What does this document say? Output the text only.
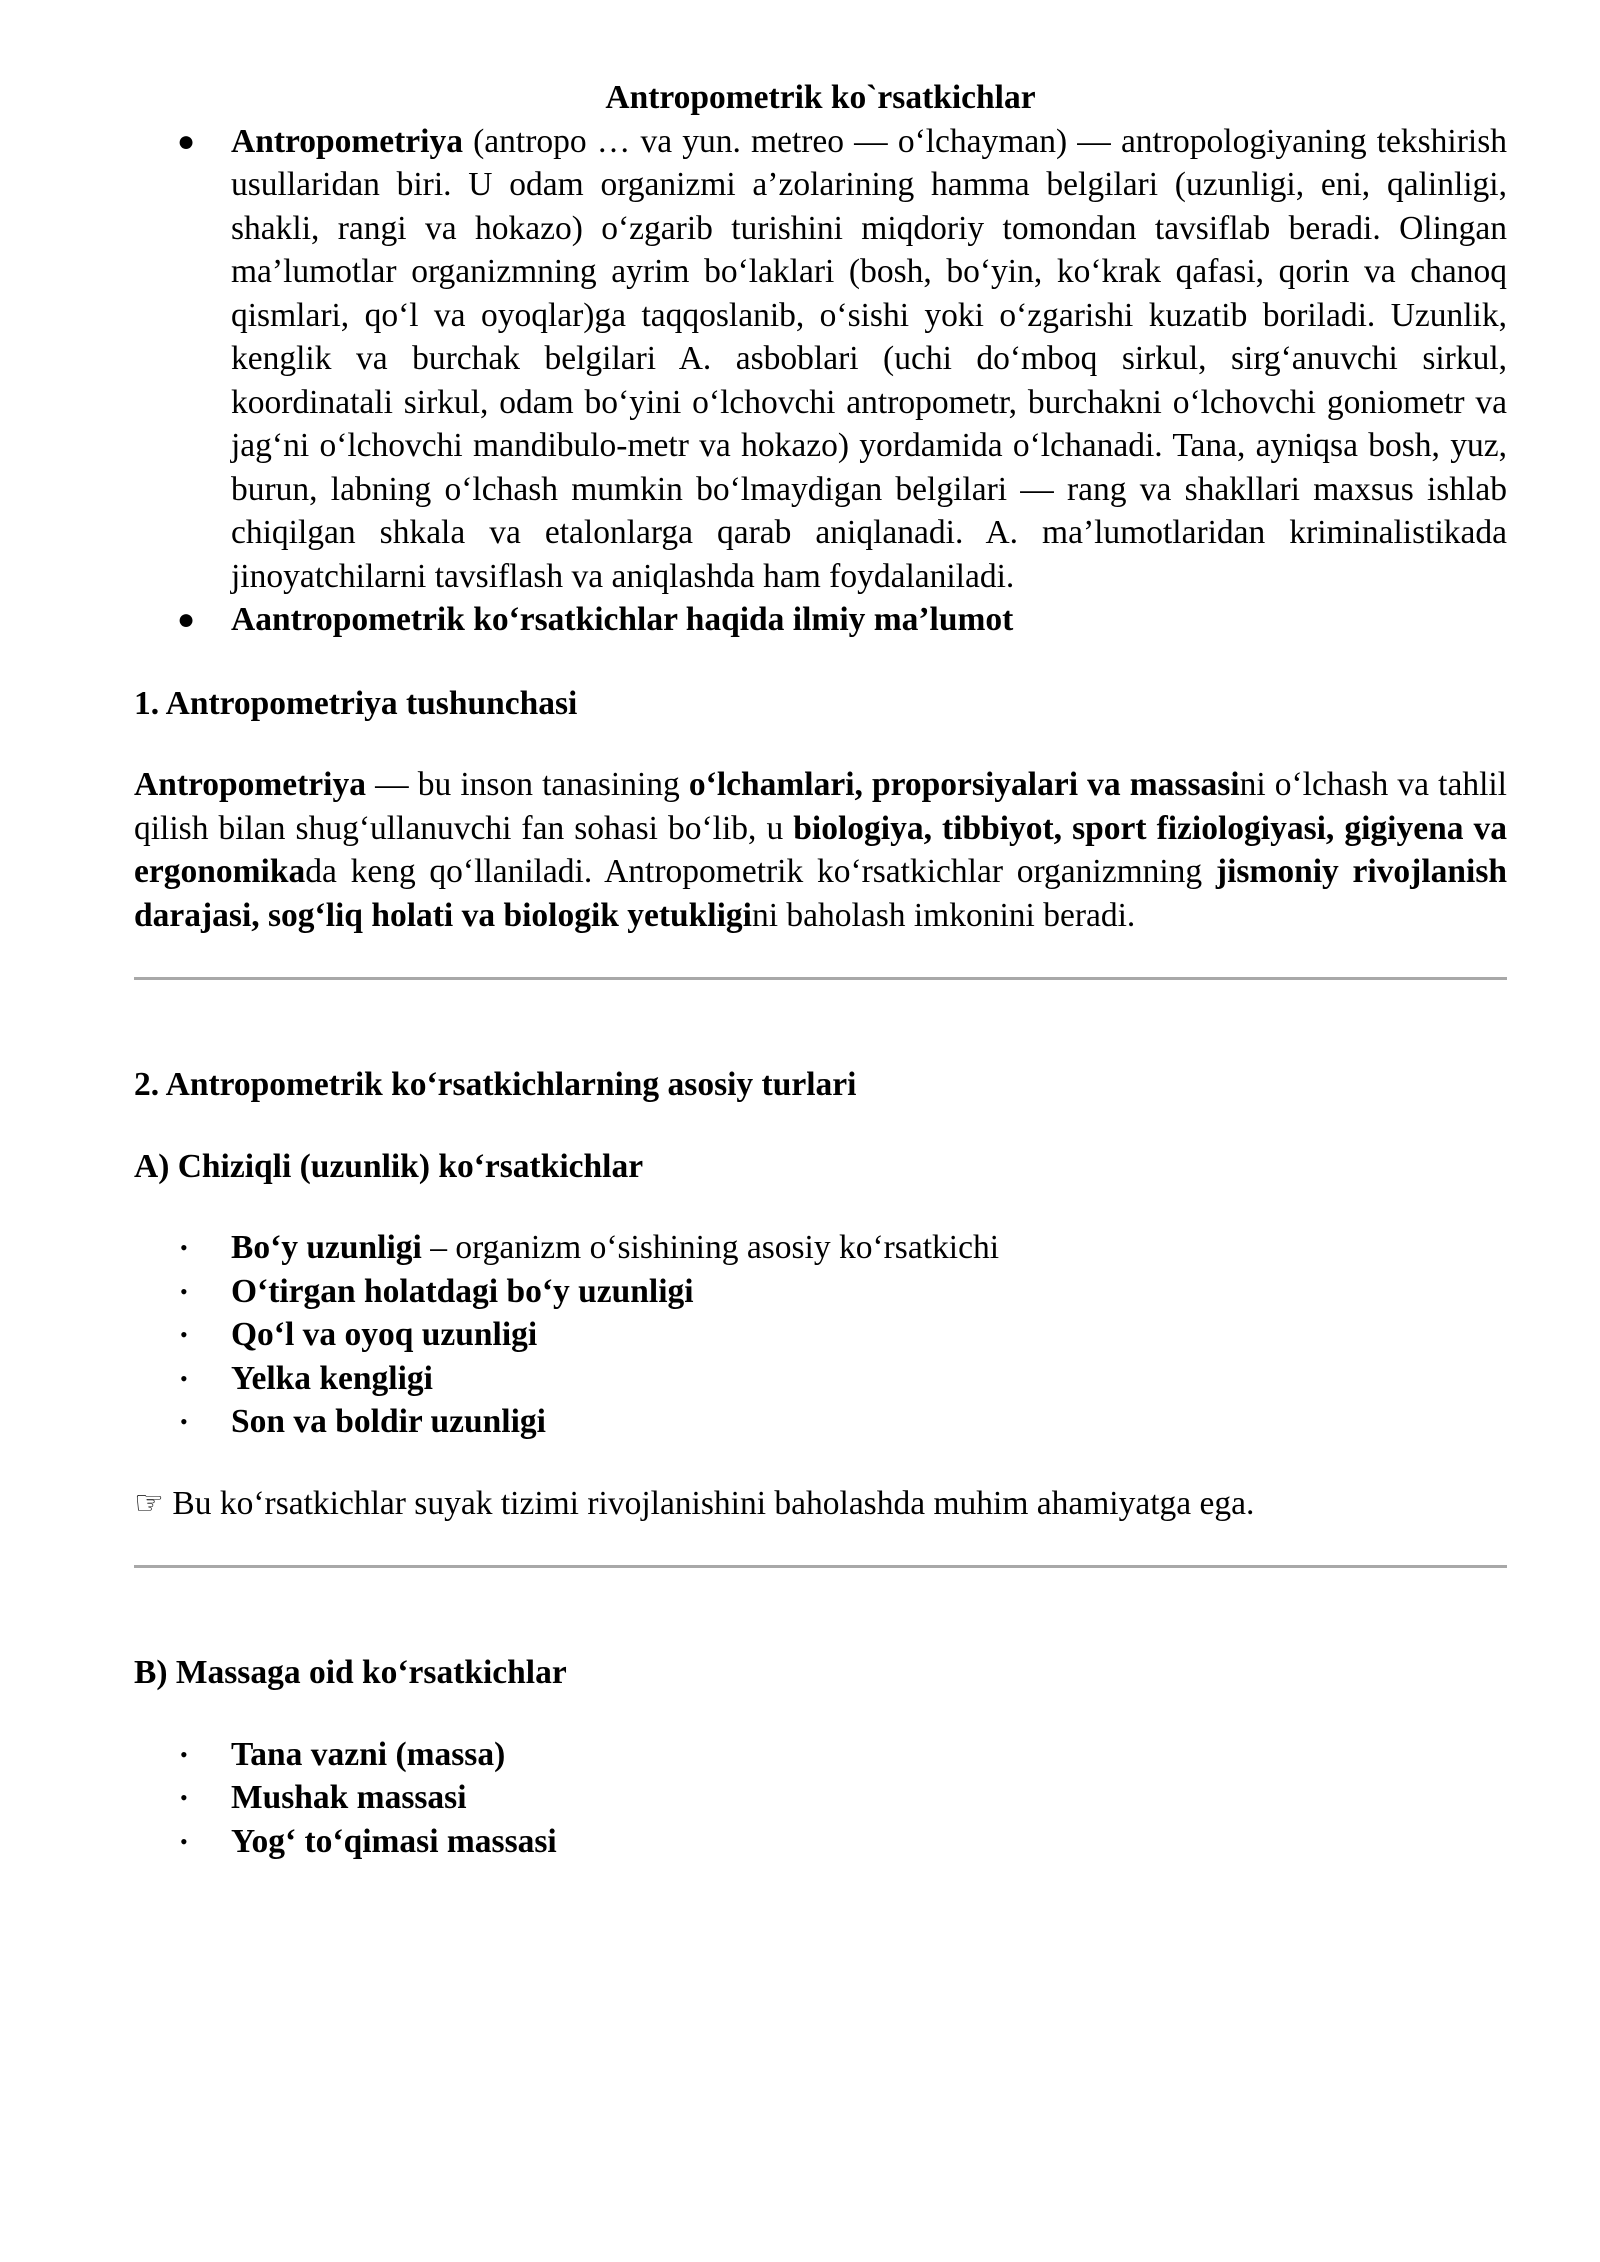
Antropometrik ko`rsatkichlar

● Antropometriya (antropo … va yun. metreo — o‘lchayman) — antropologiyaning tekshirish usullaridan biri. U odam organizmi a’zolarining hamma belgilari (uzunligi, eni, qalinligi, shakli, rangi va hokazo) o‘zgarib turishini miqdoriy tomondan tavsiflab beradi. Olingan ma’lumotlar organizmning ayrim bo‘laklari (bosh, bo‘yin, ko‘krak qafasi, qorin va chanoq qismlari, qo‘l va oyoqlar)ga taqqoslanib, o‘sishi yoki o‘zgarishi kuzatib boriladi. Uzunlik, kenglik va burchak belgilari A. asboblari (uchi do‘mboq sirkul, sirg‘anuvchi sirkul, koordinatali sirkul, odam bo‘yini o‘lchovchi antropometr, burchakni o‘lchovchi goniometr va jag‘ni o‘lchovchi mandibulo-metr va hokazo) yordamida o‘lchanadi. Tana, ayniqsa bosh, yuz, burun, labning o‘lchash mumkin bo‘lmaydigan belgilari — rang va shakllari maxsus ishlab chiqilgan shkala va etalonlarga qarab aniqlanadi. A. ma’lumotlaridan kriminalistikada jinoyatchilarni tavsiflash va aniqlashda ham foydalaniladi.
● Aantropometrik ko‘rsatkichlar haqida ilmiy ma’lumot

1. Antropometriya tushunchasi

Antropometriya — bu inson tanasining o‘lchamlari, proporsiyalari va massasini o‘lchash va tahlil qilish bilan shug‘ullanuvchi fan sohasi bo‘lib, u biologiya, tibbiyot, sport fiziologiyasi, gigiyena va ergonomikada keng qo‘llaniladi. Antropometrik ko‘rsatkichlar organizmning jismoniy rivojlanish darajasi, sog‘liq holati va biologik yetukligini baholash imkonini beradi.

2. Antropometrik ko‘rsatkichlarning asosiy turlari

A) Chiziqli (uzunlik) ko‘rsatkichlar

• Bo‘y uzunligi – organizm o‘sishining asosiy ko‘rsatkichi
• O‘tirgan holatdagi bo‘y uzunligi
• Qo‘l va oyoq uzunligi
• Yelka kengligi
• Son va boldir uzunligi

☞ Bu ko‘rsatkichlar suyak tizimi rivojlanishini baholashda muhim ahamiyatga ega.

B) Massaga oid ko‘rsatkichlar

• Tana vazni (massa)
• Mushak massasi
• Yog‘ to‘qimasi massasi
